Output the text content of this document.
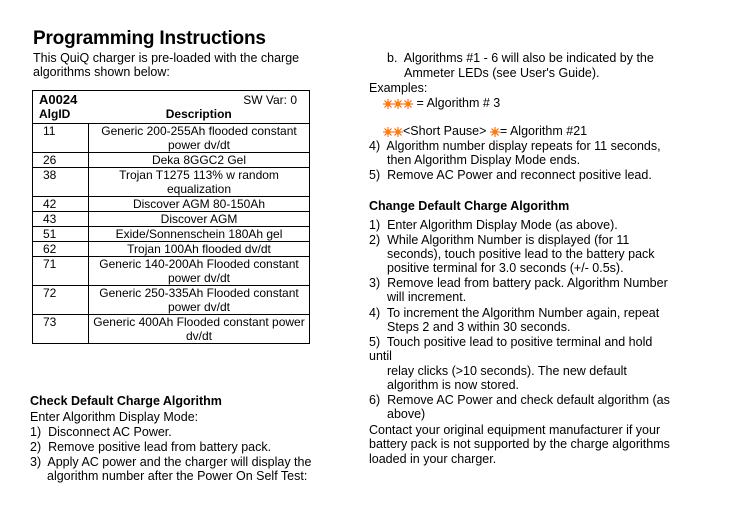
Programming Instructions
This QuiQ charger is pre-loaded with the charge
algorithms shown below:
A0024 SW Var: 0	

AlgID	Description
11	Generic 200-255Ah flooded constant
power dv/dt

26	Deka 8GGC2 Gel

38	Trojan T1275 113% w random
equalization

42	Discover AGM 80-150Ah

43	Discover AGM

51	Exide/Sonnenschein 180Ah gel

62	Trojan 100Ah flooded dv/dt

71	Generic 140-200Ah Flooded constant
power dv/dt

72	Generic 250-335Ah Flooded constant
power dv/dt

73	Generic 400Ah Flooded constant power
dv/dt
Check Default Charge Algorithm
Enter Algorithm Display Mode:
1) Disconnect AC Power.
2) Remove positive lead from battery pack.
3) Apply AC power and the charger will display the
algorithm number after the Power On Self Test:
b. Algorithms #1 - 6 will also be indicated by the
Ammeter LEDs (see User's Guide).
Examples:
= Algorithm # 3
<Short Pause> = Algorithm #21
4) Algorithm number display repeats for 11 seconds,
then Algorithm Display Mode ends.
5) Remove AC Power and reconnect positive lead.
Change Default Charge Algorithm
1) Enter Algorithm Display Mode (as above).
2) While Algorithm Number is displayed (for 11
seconds), touch positive lead to the battery pack
positive terminal for 3.0 seconds (+/- 0.5s).
3) Remove lead from battery pack. Algorithm Number
will increment.
4) To increment the Algorithm Number again, repeat
Steps 2 and 3 within 30 seconds.
5) Touch positive lead to positive terminal and hold
until
relay clicks (>10 seconds). The new default
algorithm is now stored.
6) Remove AC Power and check default algorithm (as
above)
Contact your original equipment manufacturer if your
battery pack is not supported by the charge algorithms
loaded in your charger.
